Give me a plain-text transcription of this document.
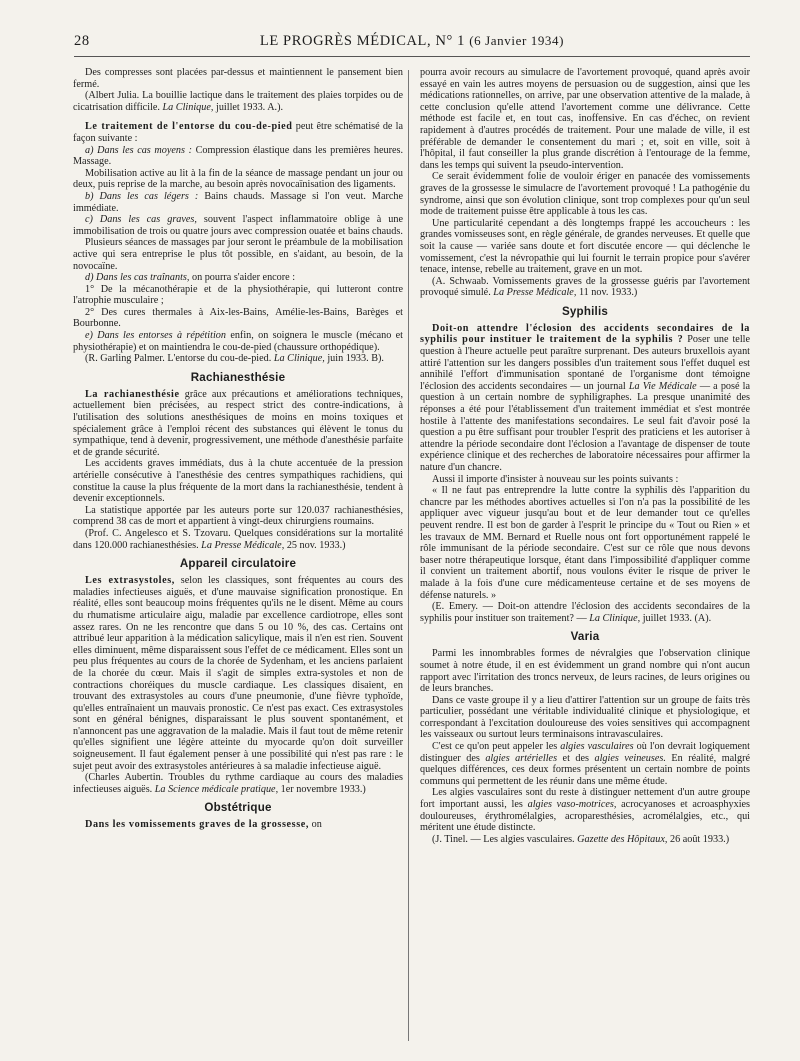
28	LE PROGRÈS MÉDICAL, N° 1 (6 Janvier 1934)

Des compresses sont placées par-dessus et maintiennent le pansement bien fermé.

(Albert Julia. La bouillie lactique dans le traitement des plaies torpides ou de cicatrisation difficile. La Clinique, juillet 1933. A.).

Le traitement de l'entorse du cou-de-pied peut être schématisé de la façon suivante :

a) Dans les cas moyens : Compression élastique dans les premières heures. Massage.

Mobilisation active au lit à la fin de la séance de massage pendant un jour ou deux, puis reprise de la marche, au besoin après novocaïnisation des ligaments.

b) Dans les cas légers : Bains chauds. Massage si l'on veut. Marche immédiate.

c) Dans les cas graves, souvent l'aspect inflammatoire oblige à une immobilisation de trois ou quatre jours avec compression ouatée et bains chauds.

Plusieurs séances de massages par jour seront le préambule de la mobilisation active qui sera entreprise le plus tôt possible, en s'aidant, au besoin, de la novocaïne.

d) Dans les cas traînants, on pourra s'aider encore :

1° De la mécanothérapie et de la physiothérapie, qui lutteront contre l'atrophie musculaire ;

2° Des cures thermales à Aix-les-Bains, Amélie-les-Bains, Barèges et Bourbonne.

e) Dans les entorses à répétition enfin, on soignera le muscle (mécano et physiothérapie) et on maintiendra le cou-de-pied (chaussure orthopédique).

(R. Garling Palmer. L'entorse du cou-de-pied. La Clinique, juin 1933. B).

Rachianesthésie

La rachianesthésie grâce aux précautions et améliorations techniques, actuellement bien précisées, au respect strict des contre-indications, à l'utilisation des solutions anesthésiques de moins en moins toxiques et spécialement grâce à l'emploi récent des substances qui élèvent le tonus du sympathique, tend à devenir, progressivement, une méthode d'anesthésie parfaite et de grande sécurité.

Les accidents graves immédiats, dus à la chute accentuée de la pression artérielle consécutive à l'anesthésie des centres sympathiques rachidiens, qui constitue la cause la plus fréquente de la mort dans la rachianesthésie, tendent à devenir exceptionnels.

La statistique apportée par les auteurs porte sur 120.037 rachianesthésies, comprend 38 cas de mort et appartient à vingt-deux chirurgiens roumains.

(Prof. C. Angelesco et S. Tzovaru. Quelques considérations sur la mortalité dans 120.000 rachianesthésies. La Presse Médicale, 25 nov. 1933.)

Appareil circulatoire

Les extrasystoles, selon les classiques, sont fréquentes au cours des maladies infectieuses aiguës, et d'une mauvaise signification pronostique. En réalité, elles sont beaucoup moins fréquentes qu'ils ne le disent. Même au cours du rhumatisme articulaire aigu, maladie par excellence cardiotrope, elles sont assez rares. On ne les rencontre que dans 5 ou 10 %, des cas. Certains ont attribué leur apparition à la médication salicylique, mais il n'en est rien. Souvent elles diminuent, même disparaissent sous l'effet de ce médicament. Elles sont un peu plus fréquentes au cours de la chorée de Sydenham, et les anciens parlaient de la chorée du cœur. Mais il s'agit de simples extra-systoles et non de contractions choréiques du muscle cardiaque. Les classiques disaient, en trouvant des extrasystoles au cours d'une pneumonie, d'une fièvre typhoïde, qu'elles entraînaient un mauvais pronostic. Ce n'est pas exact. Ces extrasystoles sont en général bénignes, disparaissant le plus souvent spontanément, et n'annoncent pas une aggravation de la maladie. Mais il faut tout de même retenir qu'elles signifient une légère atteinte du myocarde qu'on doit surveiller soigneusement. Il faut également penser à une possibilité qui n'est pas rare : le sujet peut avoir des extrasystoles antérieures à sa maladie infectieuse aiguë.

(Charles Aubertin. Troubles du rythme cardiaque au cours des maladies infectieuses aiguës. La Science médicale pratique, 1er novembre 1933.)

Obstétrique

Dans les vomissements graves de la grossesse, on

pourra avoir recours au simulacre de l'avortement provoqué, quand après avoir essayé en vain les autres moyens de persuasion ou de suggestion, ainsi que les médications rationnelles, on arrive, par une observation attentive de la malade, à cette conclusion qu'elle attend l'avortement comme une délivrance. Cette méthode est facile et, en tout cas, inoffensive. En cas d'échec, on revient rapidement à d'autres procédés de traitement. Pour une malade de ville, il est préférable de demander le consentement du mari ; et, soit en ville, soit à l'hôpital, il faut conseiller la plus grande discrétion à l'entourage de la femme, dans les temps qui suivent la pseudo-intervention.

Ce serait évidemment folie de vouloir ériger en panacée des vomissements graves de la grossesse le simulacre de l'avortement provoqué ! La pathogénie du syndrome, ainsi que son évolution clinique, sont trop complexes pour qu'un seul mode de traitement puisse être applicable à tous les cas.

Une particularité cependant a dès longtemps frappé les accoucheurs : les grandes vomisseuses sont, en règle générale, de grandes nerveuses. Et quelle que soit la cause — variée sans doute et fort discutée encore — qui déclenche le vomissement, c'est la névropathie qui lui fournit le terrain propice pour s'avérer tenace, intense, rebelle au traitement, grave en un mot.

(A. Schwaab. Vomissements graves de la grossesse guéris par l'avortement provoqué simulé. La Presse Médicale, 11 nov. 1933.)

Syphilis

Doit-on attendre l'éclosion des accidents secondaires de la syphilis pour instituer le traitement de la syphilis ? Poser une telle question à l'heure actuelle peut paraître surprenant. Des auteurs bruxellois ayant attiré l'attention sur les dangers possibles d'un traitement sous l'effet duquel est annihilé l'effort d'immunisation spontané de l'organisme dont témoigne l'éclosion des accidents secondaires — un journal La Vie Médicale — a posé la question à un certain nombre de syphiligraphes. La presque unanimité des réponses a été pour l'établissement d'un traitement immédiat et s'est montrée hostile à l'attente des manifestations secondaires. Le seul fait d'avoir posé la question a pu être suffisant pour troubler l'esprit des praticiens et les autoriser à attendre la période secondaire dont l'éclosion a l'avantage de dispenser de toute expérience clinique et des recherches de laboratoire nécessaires pour affirmer la nature d'un chancre.

Aussi il importe d'insister à nouveau sur les points suivants :

« Il ne faut pas entreprendre la lutte contre la syphilis dès l'apparition du chancre par les méthodes abortives actuelles si l'on n'a pas la possibilité de les appliquer avec vigueur jusqu'au bout et de leur demander tout ce qu'elles peuvent rendre. Il est bon de garder à l'esprit le principe du « Tout ou Rien » et les travaux de MM. Bernard et Ruelle nous ont fort opportunément rappelé le rôle immunisant de la période secondaire. C'est sur ce rôle que nous devons baser notre thérapeutique lorsque, étant dans l'impossibilité d'appliquer comme il convient un traitement abortif, nous voulons éviter le risque de priver le malade à la fois d'une cure médicamenteuse certaine et de ses moyens de défense naturels. »

(E. Emery. — Doit-on attendre l'éclosion des accidents secondaires de la syphilis pour instituer son traitement? — La Clinique, juillet 1933. (A).

Varia

Parmi les innombrables formes de névralgies que l'observation clinique soumet à notre étude, il en est évidemment un grand nombre qui n'ont aucun rapport avec l'irritation des troncs nerveux, de leurs racines, de leurs origines ou de leurs branches.

Dans ce vaste groupe il y a lieu d'attirer l'attention sur un groupe de faits très particulier, possédant une véritable individualité clinique et physiologique, et correspondant à l'excitation douloureuse des voies sensitives qui accompagnent les vaisseaux ou surtout leurs terminaisons intravasculaires.

C'est ce qu'on peut appeler les algies vasculaires où l'on devrait logiquement distinguer des algies artérielles et des algies veineuses. En réalité, malgré quelques différences, ces deux formes présentent un certain nombre de points communs qui permettent de les réunir dans une même étude.

Les algies vasculaires sont du reste à distinguer nettement d'un autre groupe fort important aussi, les algies vaso-motrices, acrocyanoses et acroasphyxies douloureuses, érythromélalgies, acroparesthésies, acromélalgies, etc., qui méritent une étude distincte.

(J. Tinel. — Les algies vasculaires. Gazette des Hôpitaux, 26 août 1933.)
